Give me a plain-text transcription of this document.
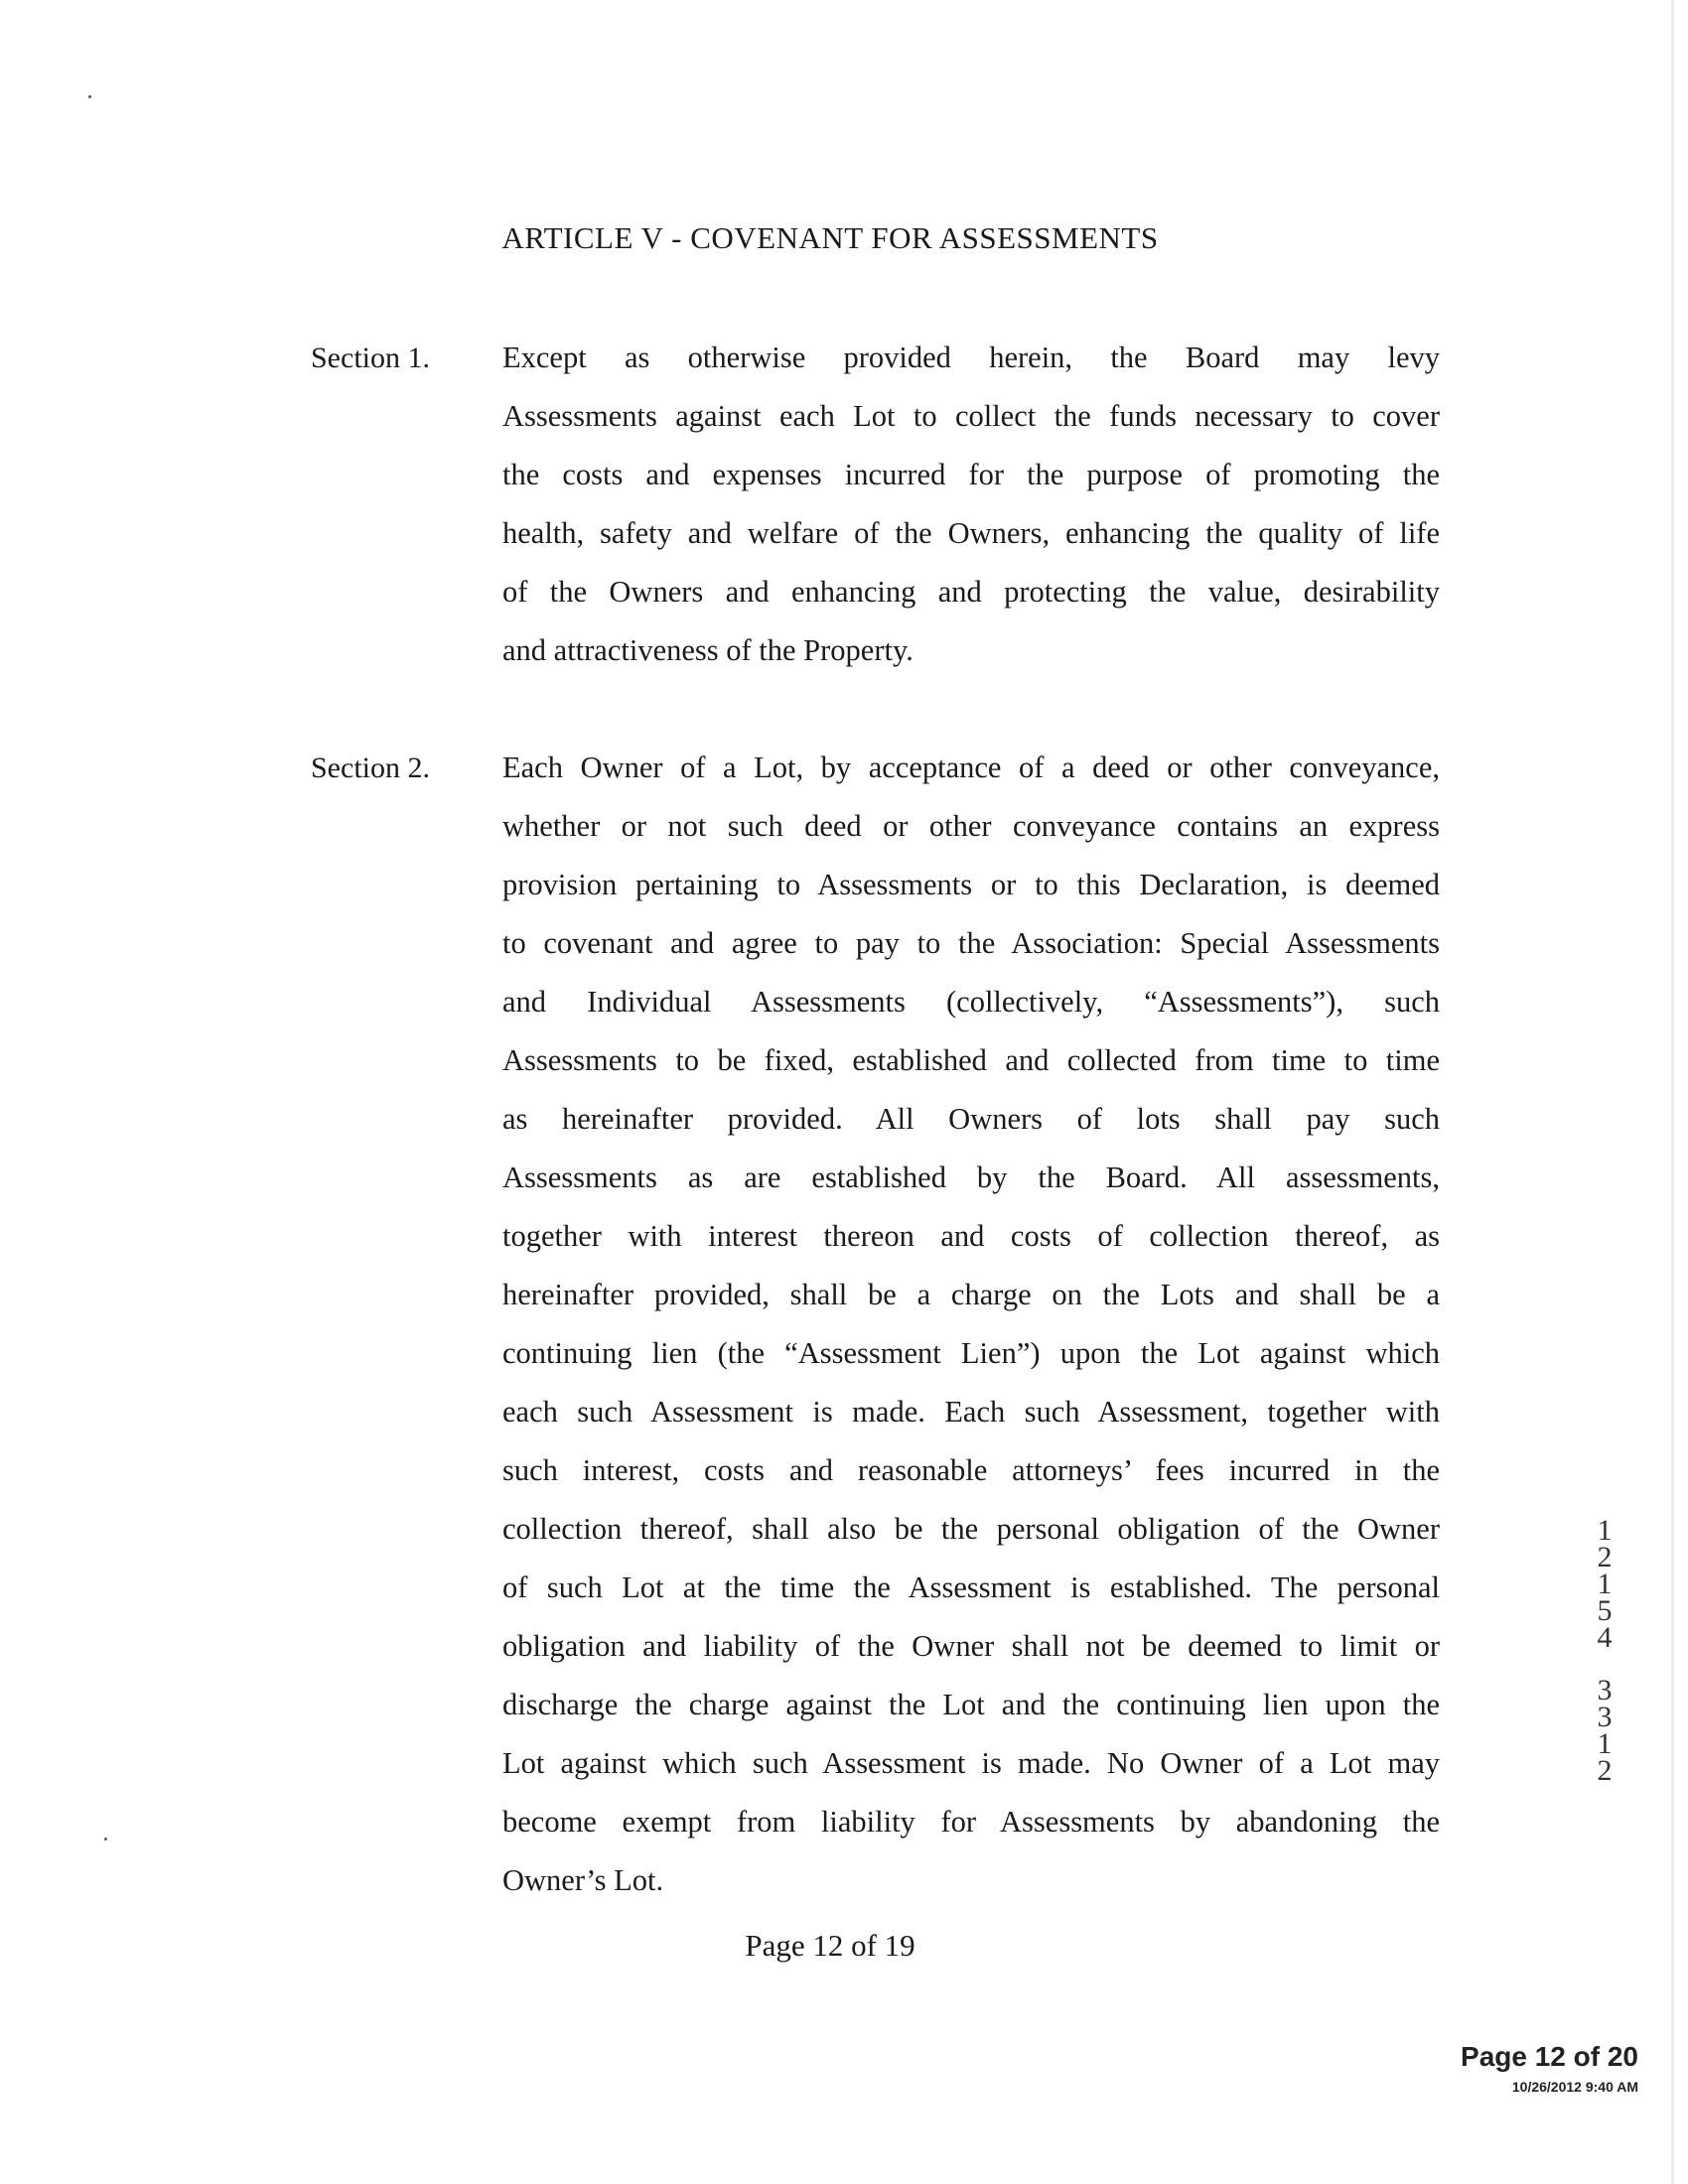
ARTICLE V - COVENANT FOR ASSESSMENTS
Section 1. Except as otherwise provided herein, the Board may levy
Assessments against each Lot to collect the funds necessary to cover
the costs and expenses incurred for the purpose of promoting the
health, safety and welfare of the Owners, enhancing the quality of life
of the Owners and enhancing and protecting the value, desirability
and attractiveness of the Property.
Section 2. Each Owner of a Lot, by acceptance of a deed or other conveyance,
whether or not such deed or other conveyance contains an express
provision pertaining to Assessments or to this Declaration, is deemed
to covenant and agree to pay to the Association: Special Assessments
and Individual Assessments (collectively, “Assessments”), such
Assessments to be fixed, established and collected from time to time
as hereinafter provided. All Owners of lots shall pay such
Assessments as are established by the Board. All assessments,
together with interest thereon and costs of collection thereof, as
hereinafter provided, shall be a charge on the Lots and shall be a
continuing lien (the “Assessment Lien”) upon the Lot against which
each such Assessment is made. Each such Assessment, together with
such interest, costs and reasonable attorneys’ fees incurred in the
collection thereof, shall also be the personal obligation of the Owner
of such Lot at the time the Assessment is established. The personal
obligation and liability of the Owner shall not be deemed to limit or
discharge the charge against the Lot and the continuing lien upon the
Lot against which such Assessment is made. No Owner of a Lot may
become exempt from liability for Assessments by abandoning the
Owner’s Lot.
Page 12 of 19
1
2
1
5
4
3
3
1
2
Page 12 of 20
10/26/2012 9:40 AM
